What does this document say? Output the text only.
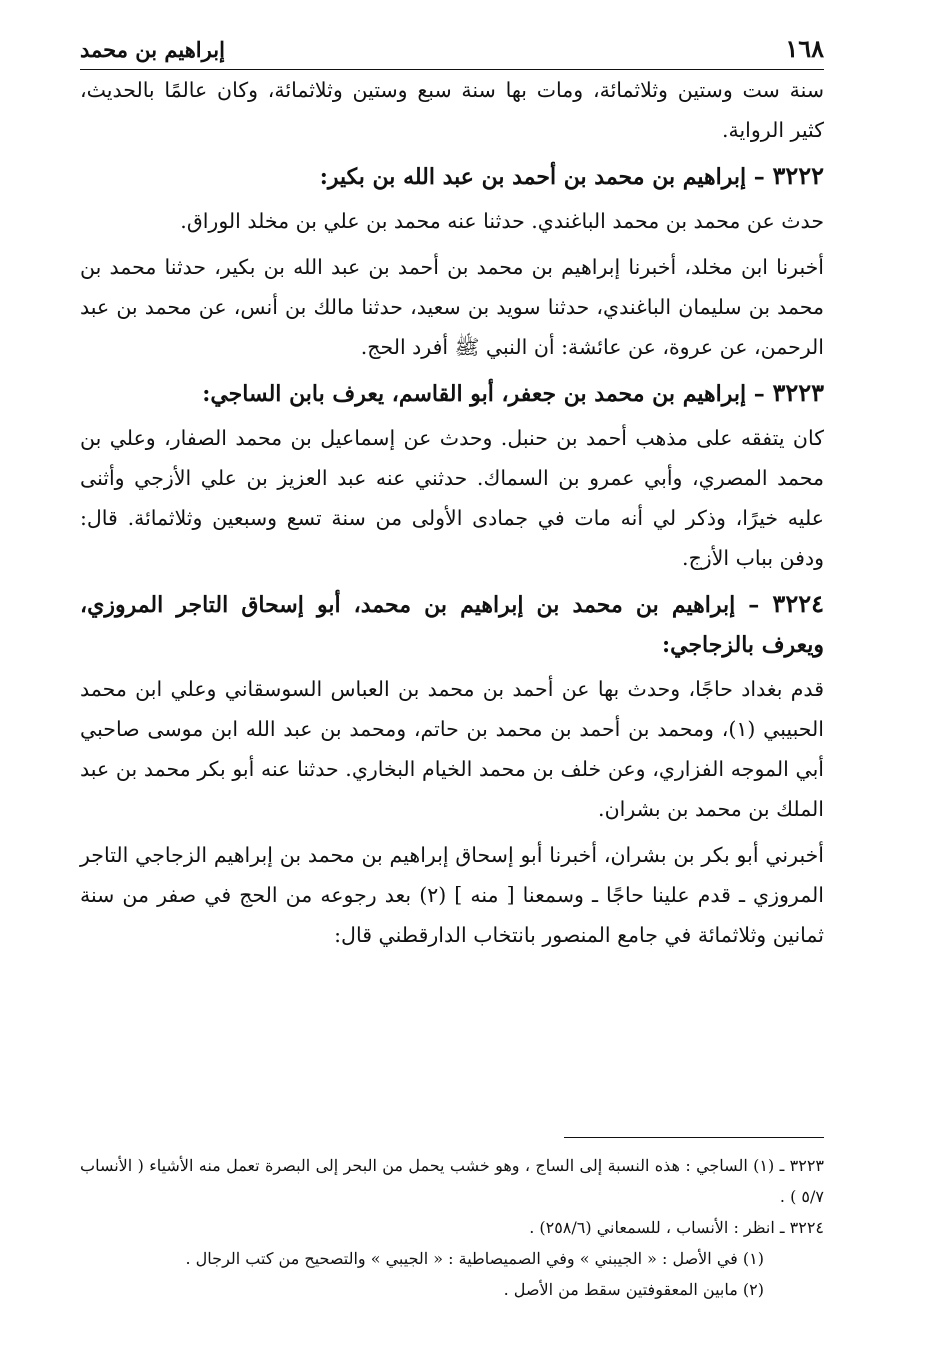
١٦٨
إبراهيم بن محمد

سنة ست وستين وثلاثمائة، ومات بها سنة سبع وستين وثلاثمائة، وكان عالمًا بالحديث، كثير الرواية.

٣٢٢٢ – إبراهيم بن محمد بن أحمد بن عبد الله بن بكير:

حدث عن محمد بن محمد الباغندي. حدثنا عنه محمد بن علي بن مخلد الوراق.

أخبرنا ابن مخلد، أخبرنا إبراهيم بن محمد بن أحمد بن عبد الله بن بكير، حدثنا محمد بن محمد بن سليمان الباغندي، حدثنا سويد بن سعيد، حدثنا مالك بن أنس، عن محمد بن عبد الرحمن، عن عروة، عن عائشة: أن النبي ﷺ أفرد الحج.

٣٢٢٣ – إبراهيم بن محمد بن جعفر، أبو القاسم، يعرف بابن الساجي:

كان يتفقه على مذهب أحمد بن حنبل. وحدث عن إسماعيل بن محمد الصفار، وعلي بن محمد المصري، وأبي عمرو بن السماك. حدثني عنه عبد العزيز بن علي الأزجي وأثنى عليه خيرًا، وذكر لي أنه مات في جمادى الأولى من سنة تسع وسبعين وثلاثمائة. قال: ودفن بباب الأزج.

٣٢٢٤ – إبراهيم بن محمد بن إبراهيم بن محمد، أبو إسحاق التاجر المروزي، ويعرف بالزجاجي:

قدم بغداد حاجًا، وحدث بها عن أحمد بن محمد بن العباس السوسقاني وعلي ابن محمد الحبيبي (١)، ومحمد بن أحمد بن محمد بن حاتم، ومحمد بن عبد الله ابن موسى صاحبي أبي الموجه الفزاري، وعن خلف بن محمد الخيام البخاري. حدثنا عنه أبو بكر محمد بن عبد الملك بن محمد بن بشران.

أخبرني أبو بكر بن بشران، أخبرنا أبو إسحاق إبراهيم بن محمد بن إبراهيم الزجاجي التاجر المروزي ـ قدم علينا حاجًا ـ وسمعنا [ منه ] (٢) بعد رجوعه من الحج في صفر من سنة ثمانين وثلاثمائة في جامع المنصور بانتخاب الدارقطني قال:

٣٢٢٣ ـ (١) الساجي : هذه النسبة إلى الساج ، وهو خشب يحمل من البحر إلى البصرة تعمل منه الأشياء ( الأنساب ٥/٧ ) .

٣٢٢٤ ـ انظر : الأنساب ، للسمعاني (٢٥٨/٦) .

(١) في الأصل : « الجيبني » وفي الصميصاطية : « الجيبي » والتصحيح من كتب الرجال .

(٢) مابين المعقوفتين سقط من الأصل .
